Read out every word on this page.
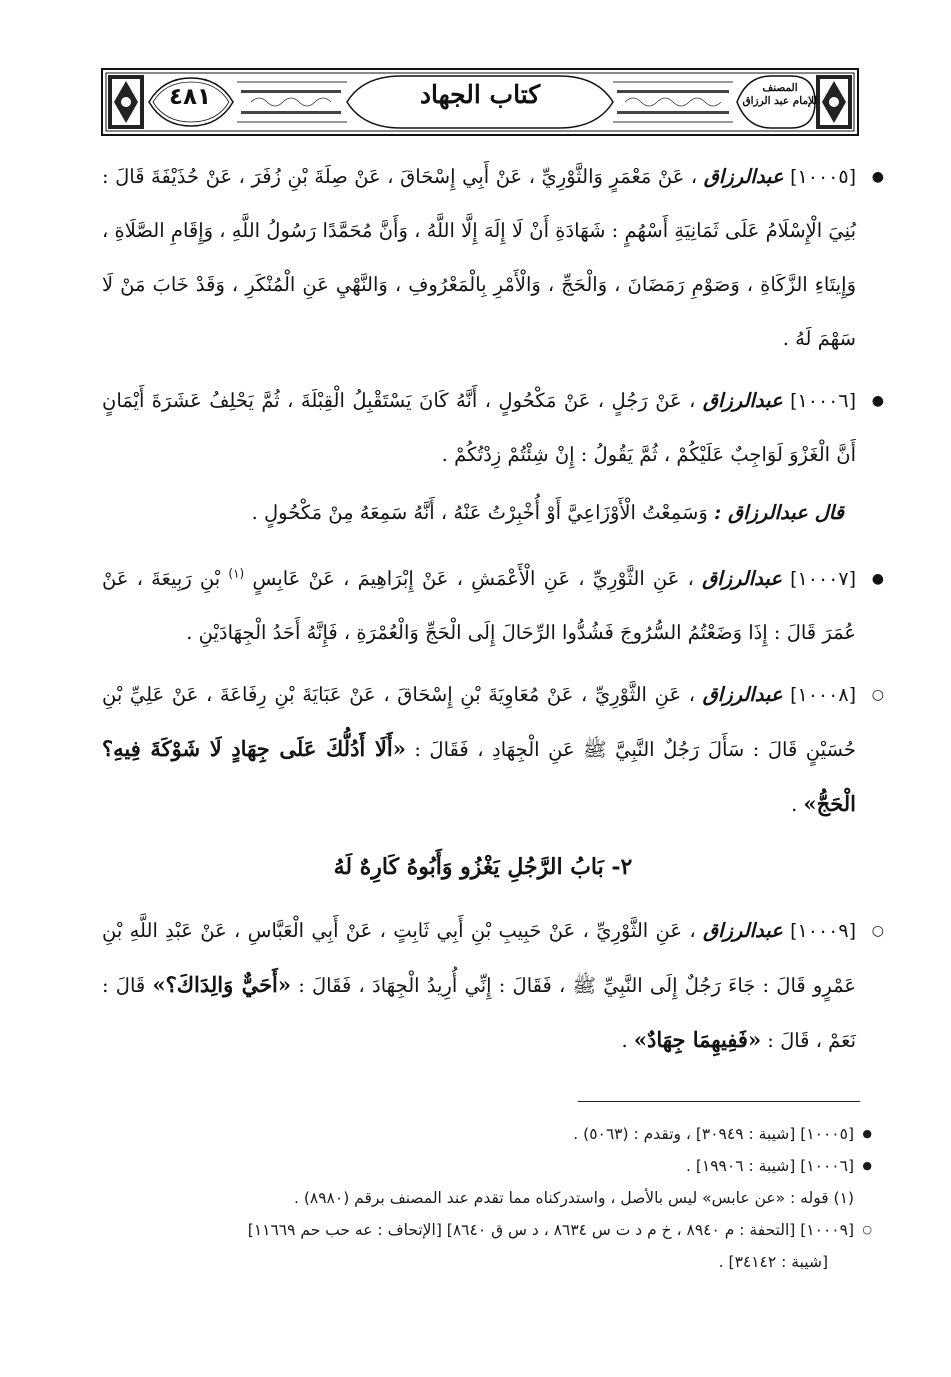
٤٨١	كتاب الجهاد	المصنف
للإمام عبد الرزاق

●
[١٠٠٠٥] عبدالرزاق ، عَنْ مَعْمَرٍ وَالثَّوْرِيِّ ، عَنْ أَبِي إِسْحَاقَ ، عَنْ صِلَةَ بْنِ زُفَرَ ، عَنْ حُذَيْفَةَ قَالَ : بُنِيَ الْإِسْلَامُ عَلَى ثَمَانِيَةِ أَسْهُمٍ : شَهَادَةِ أَنْ لَا إِلَهَ إِلَّا اللَّهُ ، وَأَنَّ مُحَمَّدًا رَسُولُ اللَّهِ ، وَإِقَامِ الصَّلَاةِ ، وَإِيتَاءِ الزَّكَاةِ ، وَصَوْمِ رَمَضَانَ ، وَالْحَجِّ ، وَالْأَمْرِ بِالْمَعْرُوفِ ، وَالنَّهْيِ عَنِ الْمُنْكَرِ ، وَقَدْ خَابَ مَنْ لَا سَهْمَ لَهُ .

●
[١٠٠٠٦] عبدالرزاق ، عَنْ رَجُلٍ ، عَنْ مَكْحُولٍ ، أَنَّهُ كَانَ يَسْتَقْبِلُ الْقِبْلَةَ ، ثُمَّ يَحْلِفُ عَشَرَةَ أَيْمَانٍ أَنَّ الْغَزْوَ لَوَاجِبٌ عَلَيْكُمْ ، ثُمَّ يَقُولُ : إِنْ شِئْتُمْ زِدْتُكُمْ .

قال عبدالرزاق : وَسَمِعْتُ الْأَوْزَاعِيَّ أَوْ أُخْبِرْتُ عَنْهُ ، أَنَّهُ سَمِعَهُ مِنْ مَكْحُولٍ .

●
[١٠٠٠٧] عبدالرزاق ، عَنِ الثَّوْرِيِّ ، عَنِ الْأَعْمَشِ ، عَنْ إِبْرَاهِيمَ ، عَنْ عَابِسٍ $^{(١)}$ بْنِ رَبِيعَةَ ، عَنْ عُمَرَ قَالَ : إِذَا وَضَعْتُمُ السُّرُوجَ فَشُدُّوا الرِّحَالَ إِلَى الْحَجِّ وَالْعُمْرَةِ ، فَإِنَّهُ أَحَدُ الْجِهَادَيْنِ .

○
[١٠٠٠٨] عبدالرزاق ، عَنِ الثَّوْرِيِّ ، عَنْ مُعَاوِيَةَ بْنِ إِسْحَاقَ ، عَنْ عَبَايَةَ بْنِ رِفَاعَةَ ، عَنْ عَلِيِّ بْنِ حُسَيْنٍ قَالَ : سَأَلَ رَجُلٌ النَّبِيَّ ﷺ عَنِ الْجِهَادِ ، فَقَالَ : «أَلَا أَدُلُّكَ عَلَى جِهَادٍ لَا شَوْكَةَ فِيهِ؟ الْحَجُّ» .

٢- بَابُ الرَّجُلِ يَغْزُو وَأَبُوهُ كَارِهٌ لَهُ

○
[١٠٠٠٩] عبدالرزاق ، عَنِ الثَّوْرِيِّ ، عَنْ حَبِيبِ بْنِ أَبِي ثَابِتٍ ، عَنْ أَبِي الْعَبَّاسِ ، عَنْ عَبْدِ اللَّهِ بْنِ عَمْرٍو قَالَ : جَاءَ رَجُلٌ إِلَى النَّبِيِّ ﷺ ، فَقَالَ : إِنِّي أُرِيدُ الْجِهَادَ ، فَقَالَ : «أَحَيٌّ وَالِدَاكَ؟» قَالَ : نَعَمْ ، قَالَ : «فَفِيهِمَا جِهَادٌ» .

●
[١٠٠٠٥] [شيبة : ٣٠٩٤٩] ، وتقدم : (٥٠٦٣) .

●
[١٠٠٠٦] [شيبة : ١٩٩٠٦] .

(١) قوله : «عن عابس» ليس بالأصل ، واستدركناه مما تقدم عند المصنف برقم (٨٩٨٠) .

○
[١٠٠٠٩] [التحفة : م ٨٩٤٠ ، خ م د ت س ٨٦٣٤ ، د س ق ٨٦٤٠] [الإتحاف : عه حب حم ١١٦٦٩]

[شيبة : ٣٤١٤٢] .
